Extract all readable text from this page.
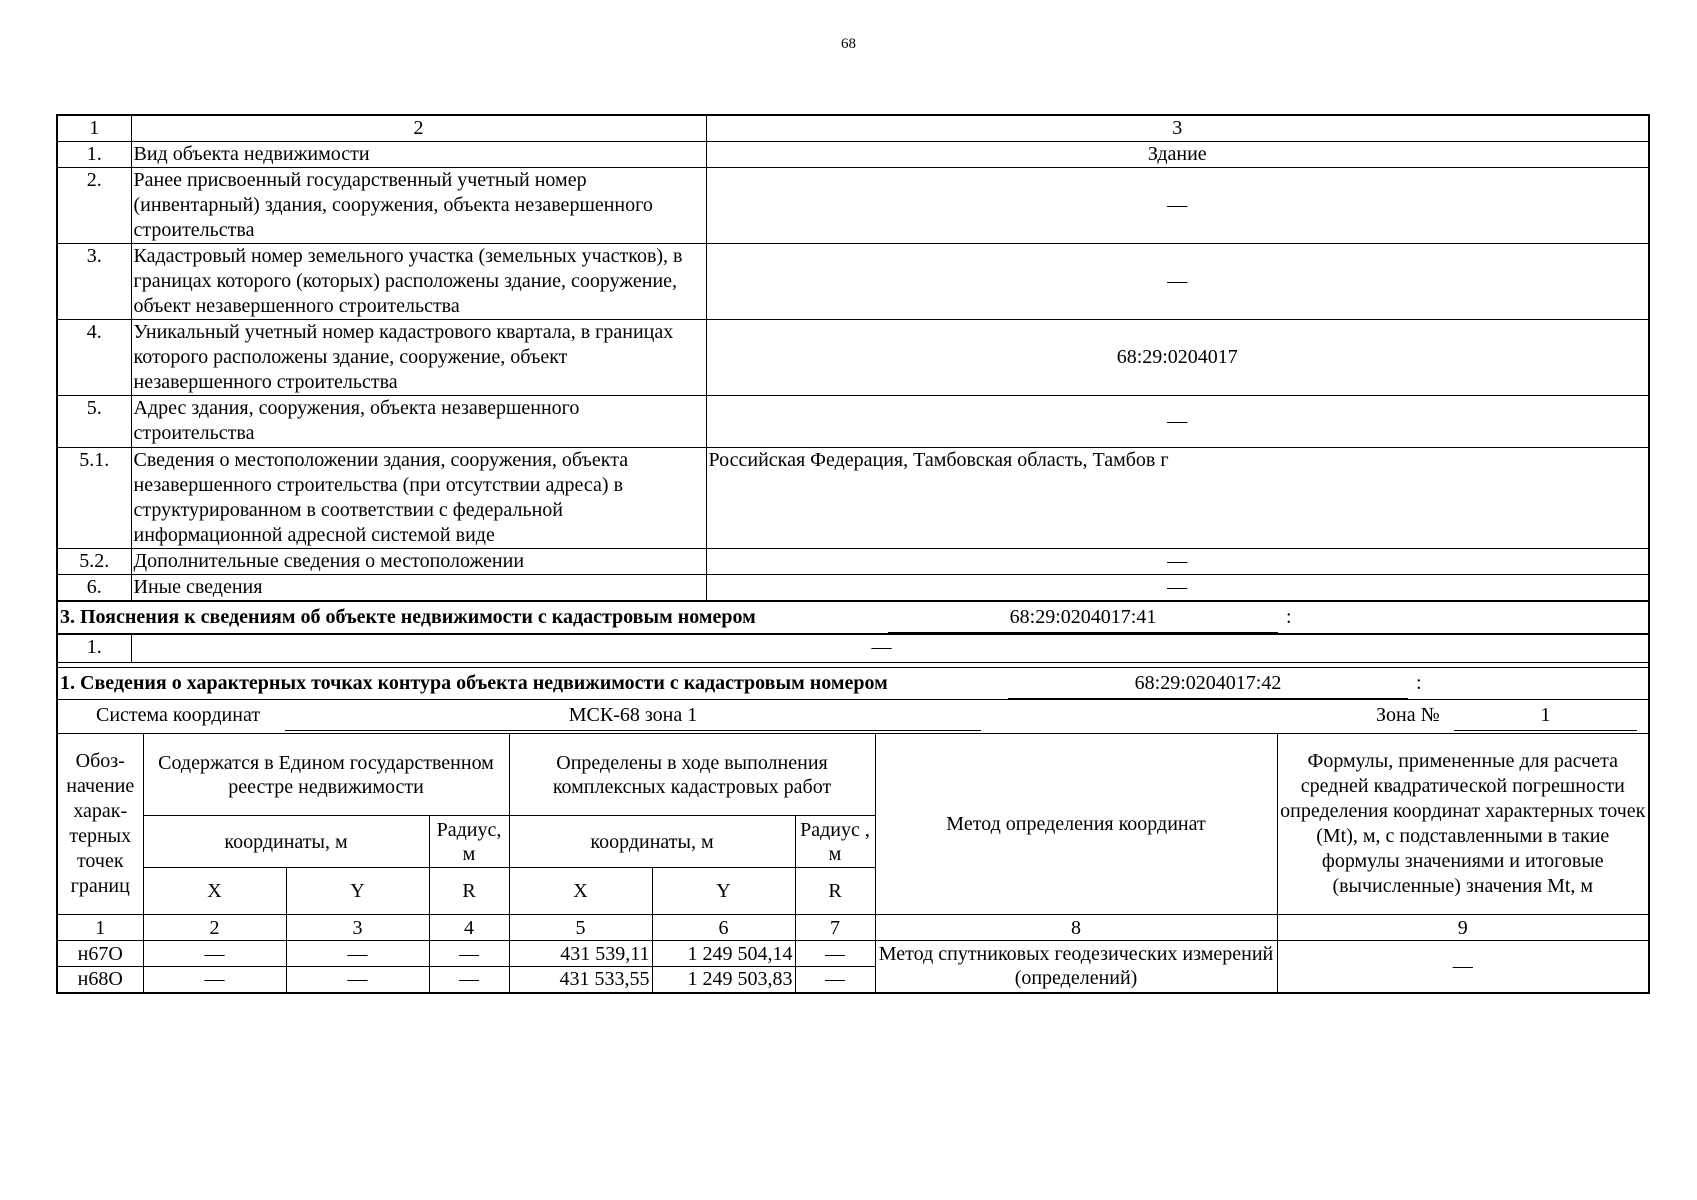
68
1	2	3
1.	Вид объекта недвижимости	Здание
2.	Ранее присвоенный государственный учетный номер (инвентарный) здания, сооружения, объекта незавершенного строительства	—
3.	Кадастровый номер земельного участка (земельных участков), в границах которого (которых) расположены здание, сооружение, объект незавершенного строительства	—
4.	Уникальный учетный номер кадастрового квартала, в границах которого расположены здание, сооружение, объект незавершенного строительства	68:29:0204017
5.	Адрес здания, сооружения, объекта незавершенного строительства	—
5.1.	Сведения о местоположении здания, сооружения, объекта незавершенного строительства (при отсутствии адреса) в структурированном в соответствии с федеральной информационной адресной системой виде	Российская Федерация, Тамбовская область, Тамбов г
5.2.	Дополнительные сведения о местоположении	—
6.	Иные сведения	—
3. Пояснения к сведениям об объекте недвижимости с кадастровым номером	68:29:0204017:41	:
1.	—
1. Сведения о характерных точках контура объекта недвижимости с кадастровым номером	68:29:0204017:42	:
Система координат	МСК-68 зона 1	Зона №	1
Обоз-начение харак-терных точек границ	Содержатся в Едином государственном реестре недвижимости			Определены в ходе выполнения комплексных кадастровых работ			Метод определения координат	Формулы, примененные для расчета средней квадратической погрешности определения координат характерных точек (Mt), м, с подставленными в такие формулы значениями и итоговые (вычисленные) значения Mt, м
	координаты, м		Радиус, м	координаты, м		Радиус , м		
	X	Y	R	X	Y	R		
1	2	3	4	5	6	7	8	9
н67О	—	—	—	431 539,11	1 249 504,14	—	Метод спутниковых геодезических измерений (определений)	—
н68О	—	—	—	431 533,55	1 249 503,83	—		
